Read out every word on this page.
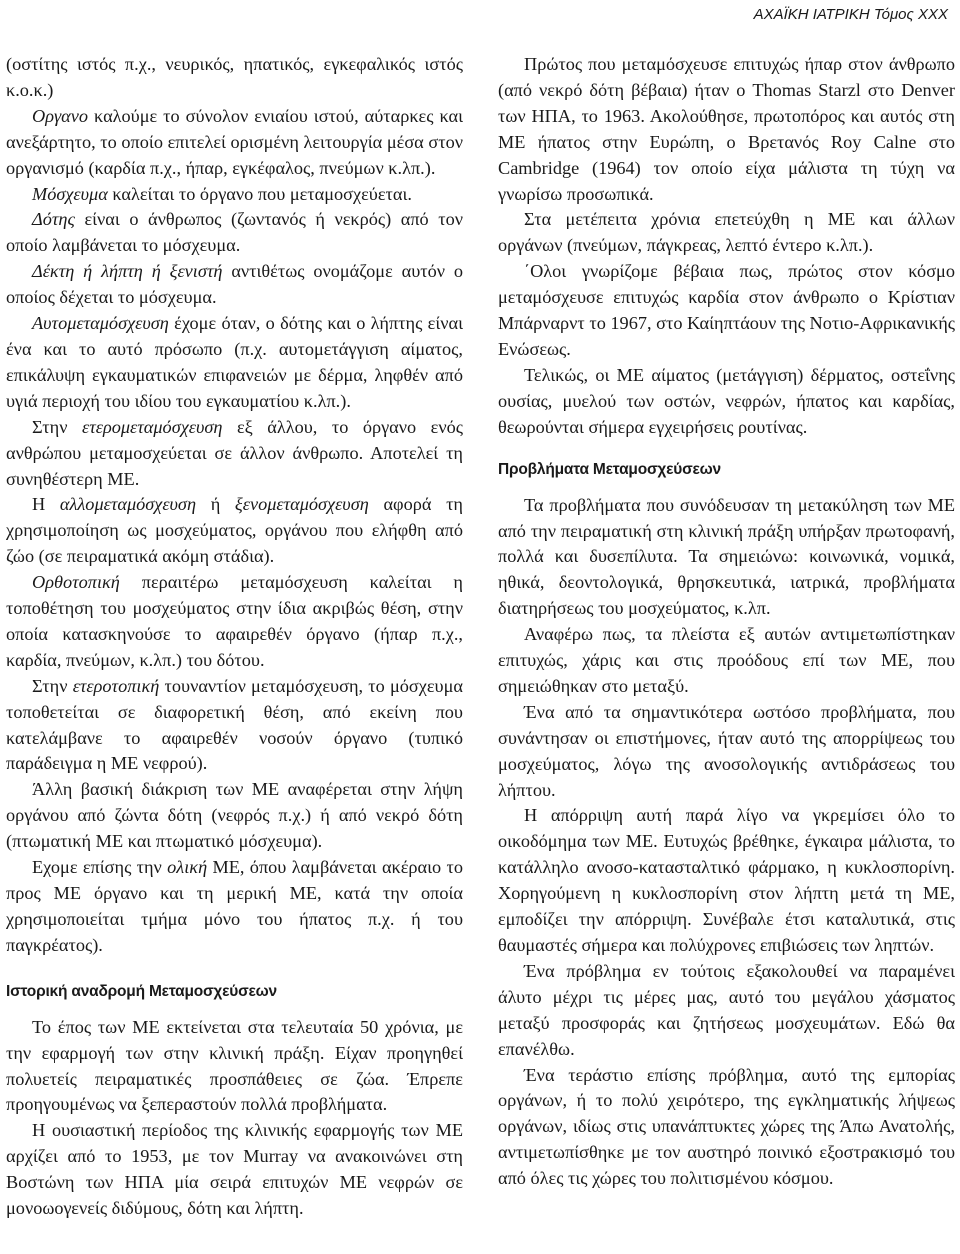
ΑΧΑΪΚΗ ΙΑΤΡΙΚΗ Τόμος XXX

(οστίτης ιστός π.χ., νευρικός, ηπατικός, εγκεφαλικός ιστός κ.ο.κ.)

Οργανο καλούμε το σύνολον ενιαίου ιστού, αύταρκες και ανεξάρτητο, το οποίο επιτελεί ορισμένη λειτουργία μέσα στον οργανισμό (καρδία π.χ., ήπαρ, εγκέφαλος, πνεύμων κ.λπ.).

Μόσχευμα καλείται το όργανο που μεταμοσχεύεται.

Δότης είναι ο άνθρωπος (ζωντανός ή νεκρός) από τον οποίο λαμβάνεται το μόσχευμα.

Δέκτη ή λήπτη ή ξενιστή αντιθέτως ονομάζομε αυτόν ο οποίος δέχεται το μόσχευμα.

Αυτομεταμόσχευση έχομε όταν, ο δότης και ο λήπτης είναι ένα και το αυτό πρόσωπο (π.χ. αυτομετάγγιση αίματος, επικάλυψη εγκαυματικών επιφανειών με δέρμα, ληφθέν από υγιά περιοχή του ιδίου του εγκαυματίου κ.λπ.).

Στην ετερομεταμόσχευση εξ άλλου, το όργανο ενός ανθρώπου μεταμοσχεύεται σε άλλον άνθρωπο. Αποτελεί τη συνηθέστερη ΜΕ.

Η αλλομεταμόσχευση ή ξενομεταμόσχευση αφορά τη χρησιμοποίηση ως μοσχεύματος, οργάνου που ελήφθη από ζώο (σε πειραματικά ακόμη στάδια).

Ορθοτοπική περαιτέρω μεταμόσχευση καλείται η τοποθέτηση του μοσχεύματος στην ίδια ακριβώς θέση, στην οποία κατασκηνούσε το αφαιρεθέν όργανο (ήπαρ π.χ., καρδία, πνεύμων, κ.λπ.) του δότου.

Στην ετεροτοπική τουναντίον μεταμόσχευση, το μόσχευμα τοποθετείται σε διαφορετική θέση, από εκείνη που κατελάμβανε το αφαιρεθέν νοσούν όργανο (τυπικό παράδειγμα η ΜΕ νεφρού).

Άλλη βασική διάκριση των ΜΕ αναφέρεται στην λήψη οργάνου από ζώντα δότη (νεφρός π.χ.) ή από νεκρό δότη (πτωματική ΜΕ και πτωματικό μόσχευμα).

Εχομε επίσης την ολική ΜΕ, όπου λαμβάνεται ακέραιο το προς ΜΕ όργανο και τη μερική ΜΕ, κατά την οποία χρησιμοποιείται τμήμα μόνο του ήπατος π.χ. ή του παγκρέατος).

Ιστορική αναδρομή Μεταμοσχεύσεων

Το έπος των ΜΕ εκτείνεται στα τελευταία 50 χρόνια, με την εφαρμογή των στην κλινική πράξη. Είχαν προηγηθεί πολυετείς πειραματικές προσπάθειες σε ζώα. Έπρεπε προηγουμένως να ξεπεραστούν πολλά προβλήματα.

Η ουσιαστική περίοδος της κλινικής εφαρμογής των ΜΕ αρχίζει από το 1953, με τον Murray να ανακοινώνει στη Βοστώνη των ΗΠΑ μία σειρά επιτυχών ΜΕ νεφρών σε μονοωογενείς διδύμους, δότη και λήπτη.

Πρώτος που μεταμόσχευσε επιτυχώς ήπαρ στον άνθρωπο (από νεκρό δότη βέβαια) ήταν ο Thomas Starzl στο Denver των ΗΠΑ, το 1963. Ακολούθησε, πρωτοπόρος και αυτός στη ΜΕ ήπατος στην Ευρώπη, ο Βρετανός Roy Calne στο Cambridge (1964) τον οποίο είχα μάλιστα τη τύχη να γνωρίσω προσωπικά.

Στα μετέπειτα χρόνια επετεύχθη η ΜΕ και άλλων οργάνων (πνεύμων, πάγκρεας, λεπτό έντερο κ.λπ.).

΄Ολοι γνωρίζομε βέβαια πως, πρώτος στον κόσμο μεταμόσχευσε επιτυχώς καρδία στον άνθρωπο ο Κρίστιαν Μπάρναρντ το 1967, στο Καίηπτάουν της Νοτιο-Αφρικανικής Ενώσεως.

Τελικώς, οι ΜΕ αίματος (μετάγγιση) δέρματος, οστεΐνης ουσίας, μυελού των οστών, νεφρών, ήπατος και καρδίας, θεωρούνται σήμερα εγχειρήσεις ρουτίνας.

Προβλήματα Μεταμοσχεύσεων

Τα προβλήματα που συνόδευσαν τη μετακύληση των ΜΕ από την πειραματική στη κλινική πράξη υπήρξαν πρωτοφανή, πολλά και δυσεπίλυτα. Τα σημειώνω: κοινωνικά, νομικά, ηθικά, δεοντολογικά, θρησκευτικά, ιατρικά, προβλήματα διατηρήσεως του μοσχεύματος, κ.λπ.

Αναφέρω πως, τα πλείστα εξ αυτών αντιμετωπίστηκαν επιτυχώς, χάρις και στις προόδους επί των ΜΕ, που σημειώθηκαν στο μεταξύ.

Ένα από τα σημαντικότερα ωστόσο προβλήματα, που συνάντησαν οι επιστήμονες, ήταν αυτό της απορρίψεως του μοσχεύματος, λόγω της ανοσολογικής αντιδράσεως του λήπτου.

Η απόρριψη αυτή παρά λίγο να γκρεμίσει όλο το οικοδόμημα των ΜΕ. Ευτυχώς βρέθηκε, έγκαιρα μάλιστα, το κατάλληλο ανοσο-κατασταλτικό φάρμακο, η κυκλοσπορίνη. Χορηγούμενη η κυκλοσπορίνη στον λήπτη μετά τη ΜΕ, εμποδίζει την απόρριψη. Συνέβαλε έτσι καταλυτικά, στις θαυμαστές σήμερα και πολύχρονες επιβιώσεις των ληπτών.

Ένα πρόβλημα εν τούτοις εξακολουθεί να παραμένει άλυτο μέχρι τις μέρες μας, αυτό του μεγάλου χάσματος μεταξύ προσφοράς και ζητήσεως μοσχευμάτων. Εδώ θα επανέλθω.

Ένα τεράστιο επίσης πρόβλημα, αυτό της εμπορίας οργάνων, ή το πολύ χειρότερο, της εγκληματικής λήψεως οργάνων, ιδίως στις υπανάπτυκτες χώρες της Άπω Ανατολής, αντιμετωπίσθηκε με τον αυστηρό ποινικό εξοστρακισμό του από όλες τις χώρες του πολιτισμένου κόσμου.
